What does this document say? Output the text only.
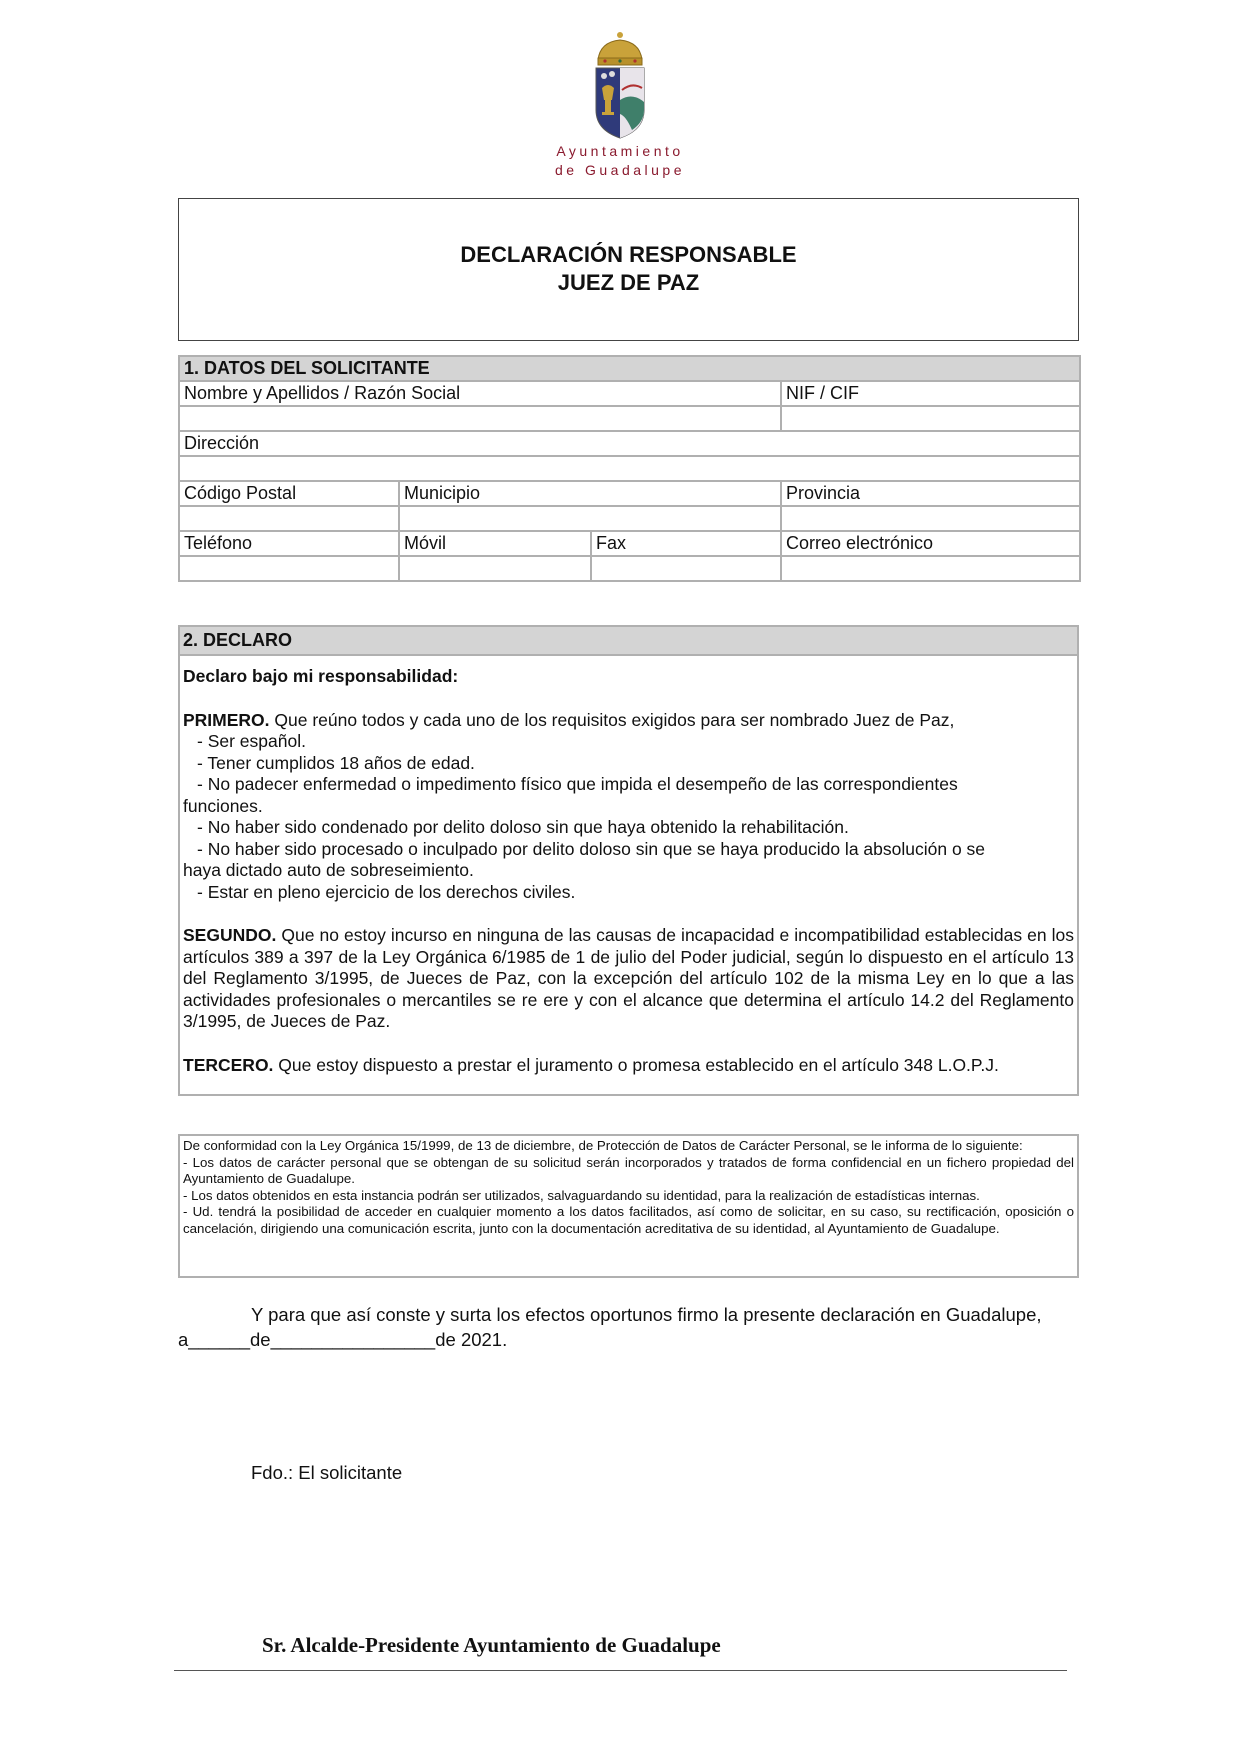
Ayuntamiento
de Guadalupe
DECLARACIÓN RESPONSABLE
JUEZ DE PAZ
1. DATOS DEL SOLICITANTE			
Nombre y Apellidos / Razón Social			NIF / CIF

Dirección			

Código Postal	Municipio		Provincia

Teléfono	Móvil	Fax	Correo electrónico

2. DECLARO

Declaro bajo mi responsabilidad:

PRIMERO. Que reúno todos y cada uno de los requisitos exigidos para ser nombrado Juez de Paz,

- Ser español.

- Tener cumplidos 18 años de edad.

- No padecer enfermedad o impedimento físico que impida el desempeño de las correspondientes

funciones.

- No haber sido condenado por delito doloso sin que haya obtenido la rehabilitación.

- No haber sido procesado o inculpado por delito doloso sin que se haya producido la absolución o se

haya dictado auto de sobreseimiento.

- Estar en pleno ejercicio de los derechos civiles.

SEGUNDO. Que no estoy incurso en ninguna de las causas de incapacidad e incompatibilidad establecidas en los artículos 389 a 397 de la Ley Orgánica 6/1985 de 1 de julio del Poder judicial, según lo dispuesto en el artículo 13 del Reglamento 3/1995, de Jueces de Paz, con la excepción del artículo 102 de la misma Ley en lo que a las actividades profesionales o mercantiles se re ere y con el alcance que determina el artículo 14.2 del Reglamento 3/1995, de Jueces de Paz.

TERCERO. Que estoy dispuesto a prestar el juramento o promesa establecido en el artículo 348 L.O.P.J.

De conformidad con la Ley Orgánica 15/1999, de 13 de diciembre, de Protección de Datos de Carácter Personal, se le informa de lo siguiente:

- Los datos de carácter personal que se obtengan de su solicitud serán incorporados y tratados de forma confidencial en un fichero propiedad del Ayuntamiento de Guadalupe.

- Los datos obtenidos en esta instancia podrán ser utilizados, salvaguardando su identidad, para la realización de estadísticas internas.

- Ud. tendrá la posibilidad de acceder en cualquier momento a los datos facilitados, así como de solicitar, en su caso, su rectificación, oposición o cancelación, dirigiendo una comunicación escrita, junto con la documentación acreditativa de su identidad, al Ayuntamiento de Guadalupe.

Y para que así conste y surta los efectos oportunos firmo la presente declaración en Guadalupe,
a______de________________de 2021.
Fdo.: El solicitante
Sr. Alcalde-Presidente Ayuntamiento de Guadalupe
